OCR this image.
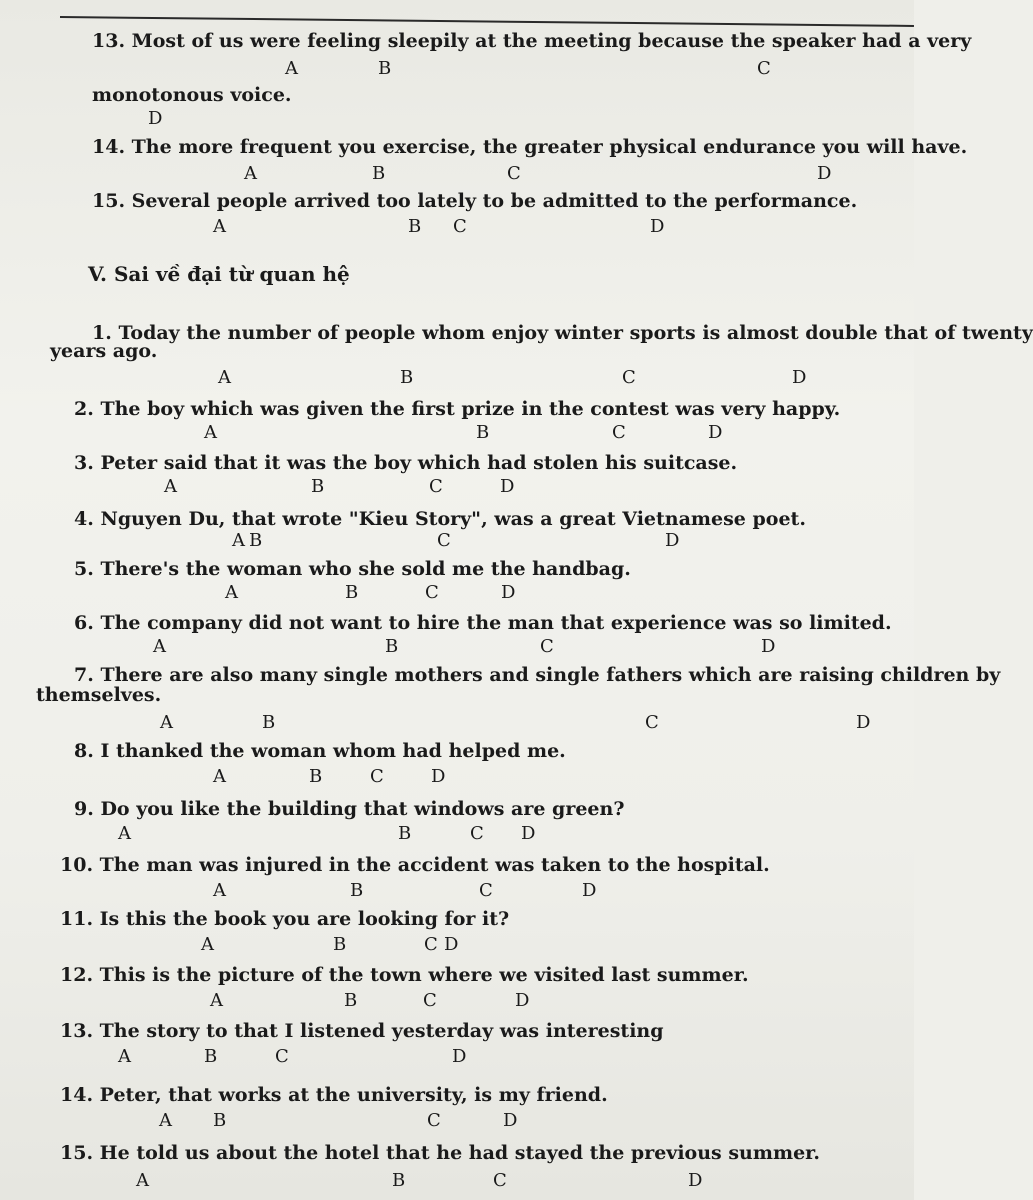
13. Most of us were feeling sleepily at the meeting because the speaker had a very
A	B	C
monotonous voice.
D
14. The more frequent you exercise, the greater physical endurance you will have.
A	B	C	D
15. Several people arrived too lately to be admitted to the performance.
A	B C	D
V. Sai về đại từ quan hệ
1. Today the number of people whom enjoy winter sports is almost double that of twenty
years ago.
A	B	C	D
2. The boy which was given the first prize in the contest was very happy.
A	B	C	D
3. Peter said that it was the boy which had stolen his suitcase.
A	B	C	D
4. Nguyen Du, that wrote "Kieu Story", was a great Vietnamese poet.
A B	C	D
5. There's the woman who she sold me the handbag.
A	B	C	D
6. The company did not want to hire the man that experience was so limited.
A	B	C	D
7. There are also many single mothers and single fathers which are raising children by
themselves.
A	B	C	D
8. I thanked the woman whom had helped me.
A	B	C	D
9. Do you like the building that windows are green?
A	B	C D
10. The man was injured in the accident was taken to the hospital.
A	B	C	D
11. Is this the book you are looking for it?
A	B	C D
12. This is the picture of the town where we visited last summer.
A	B	C	D
13. The story to that I listened yesterday was interesting
A	B	C	D
14. Peter, that works at the university, is my friend.
A B	C	D
15. He told us about the hotel that he had stayed the previous summer.
A	B	C	D
